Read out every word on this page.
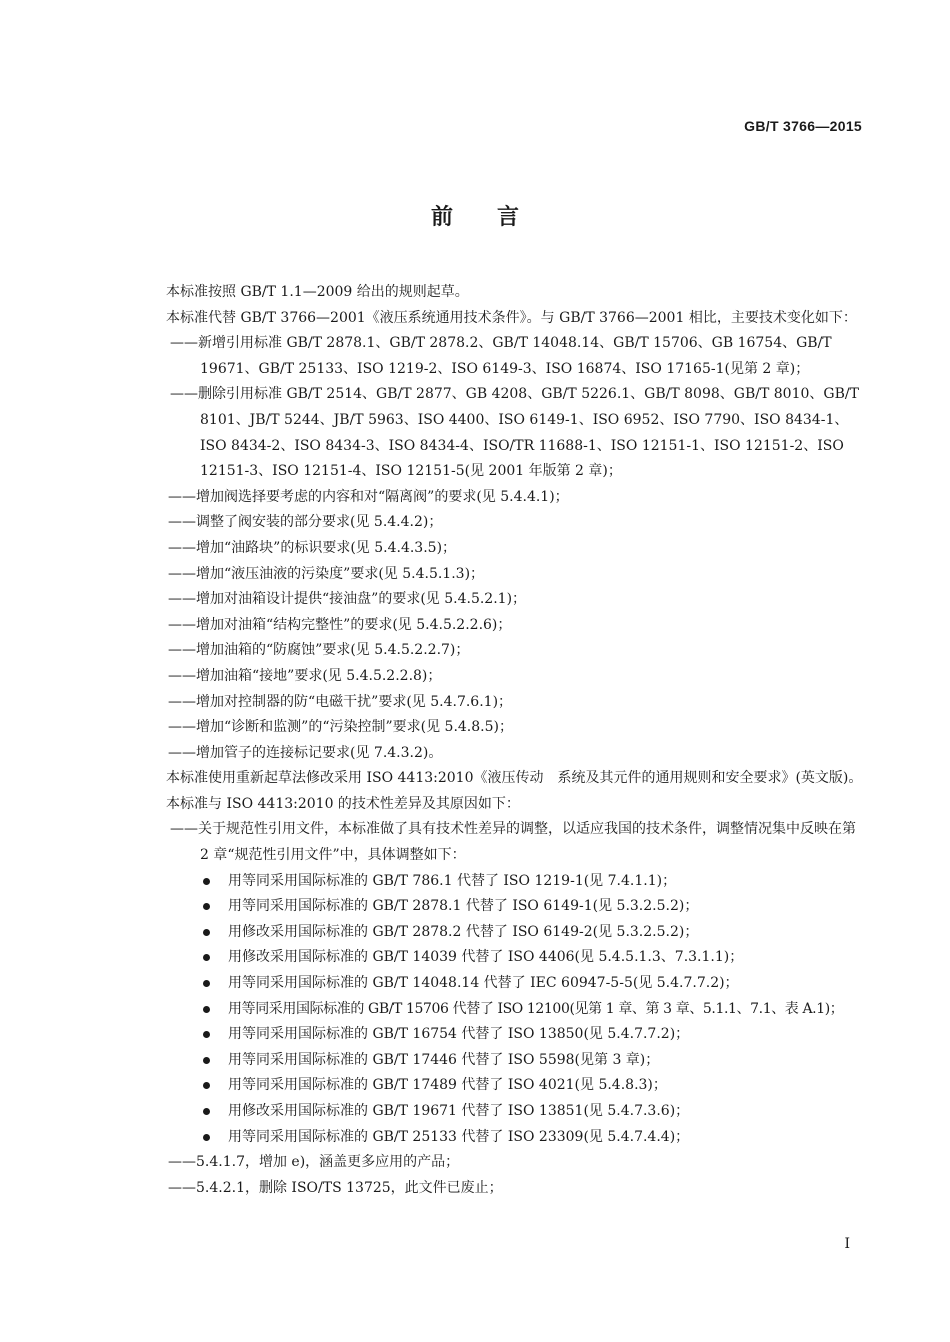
GB/T 3766—2015
前言

本标准按照 GB/T 1.1—2009 给出的规则起草。

本标准代替 GB/T 3766—2001《液压系统通用技术条件》。与 GB/T 3766—2001 相比，主要技术变化如下：

——新增引用标准 GB/T 2878.1、GB/T 2878.2、GB/T 14048.14、GB/T 15706、GB 16754、GB/T 19671、GB/T 25133、ISO 1219-2、ISO 6149-3、ISO 16874、ISO 17165-1(见第 2 章)；

——删除引用标准 GB/T 2514、GB/T 2877、GB 4208、GB/T 5226.1、GB/T 8098、GB/T 8010、GB/T 8101、JB/T 5244、JB/T 5963、ISO 4400、ISO 6149-1、ISO 6952、ISO 7790、ISO 8434-1、ISO 8434-2、ISO 8434-3、ISO 8434-4、ISO/TR 11688-1、ISO 12151-1、ISO 12151-2、ISO 12151-3、ISO 12151-4、ISO 12151-5(见 2001 年版第 2 章)；

——增加阀选择要考虑的内容和对“隔离阀”的要求(见 5.4.4.1)；

——调整了阀安装的部分要求(见 5.4.4.2)；

——增加“油路块”的标识要求(见 5.4.4.3.5)；

——增加“液压油液的污染度”要求(见 5.4.5.1.3)；

——增加对油箱设计提供“接油盘”的要求(见 5.4.5.2.1)；

——增加对油箱“结构完整性”的要求(见 5.4.5.2.2.6)；

——增加油箱的“防腐蚀”要求(见 5.4.5.2.2.7)；

——增加油箱“接地”要求(见 5.4.5.2.2.8)；

——增加对控制器的防“电磁干扰”要求(见 5.4.7.6.1)；

——增加“诊断和监测”的“污染控制”要求(见 5.4.8.5)；

——增加管子的连接标记要求(见 7.4.3.2)。

本标准使用重新起草法修改采用 ISO 4413:2010《液压传动　系统及其元件的通用规则和安全要求》(英文版)。

本标准与 ISO 4413:2010 的技术性差异及其原因如下：

——关于规范性引用文件，本标准做了具有技术性差异的调整，以适应我国的技术条件，调整情况集中反映在第 2 章“规范性引用文件”中，具体调整如下：

用等同采用国际标准的 GB/T 786.1 代替了 ISO 1219-1(见 7.4.1.1)；
用等同采用国际标准的 GB/T 2878.1 代替了 ISO 6149-1(见 5.3.2.5.2)；
用修改采用国际标准的 GB/T 2878.2 代替了 ISO 6149-2(见 5.3.2.5.2)；
用修改采用国际标准的 GB/T 14039 代替了 ISO 4406(见 5.4.5.1.3、7.3.1.1)；
用等同采用国际标准的 GB/T 14048.14 代替了 IEC 60947-5-5(见 5.4.7.7.2)；
用等同采用国际标准的 GB/T 15706 代替了 ISO 12100(见第 1 章、第 3 章、5.1.1、7.1、表 A.1)；
用等同采用国际标准的 GB/T 16754 代替了 ISO 13850(见 5.4.7.7.2)；
用等同采用国际标准的 GB/T 17446 代替了 ISO 5598(见第 3 章)；
用等同采用国际标准的 GB/T 17489 代替了 ISO 4021(见 5.4.8.3)；
用修改采用国际标准的 GB/T 19671 代替了 ISO 13851(见 5.4.7.3.6)；
用等同采用国际标准的 GB/T 25133 代替了 ISO 23309(见 5.4.7.4.4)；

——5.4.1.7，增加 e)，涵盖更多应用的产品；

——5.4.2.1，删除 ISO/TS 13725，此文件已废止；

I
